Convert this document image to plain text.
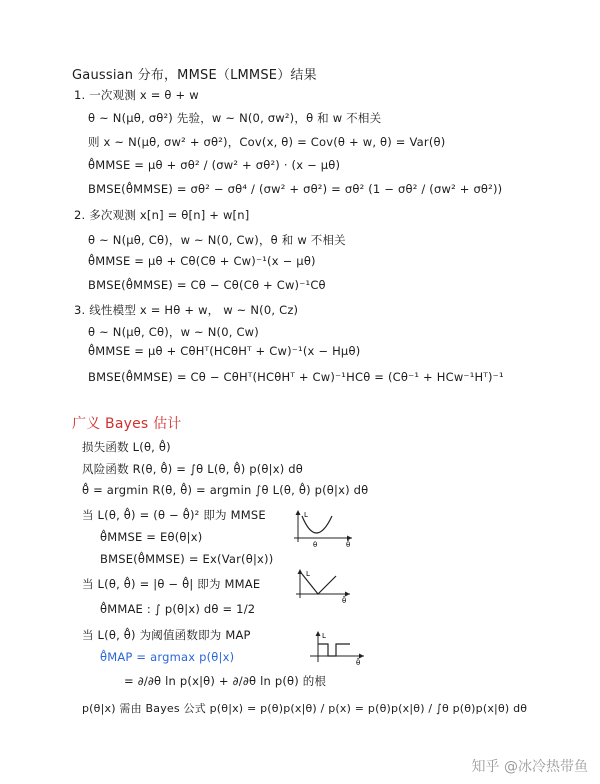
Gaussian 分布，MMSE（LMMSE）结果
1. 一次观测 x = θ + w
θ ~ N(μθ, σθ²) 先验，w ~ N(0, σw²)，θ 和 w 不相关
则 x ~ N(μθ, σw² + σθ²)，Cov(x, θ) = Cov(θ + w, θ) = Var(θ)
θ̂MMSE = μθ + σθ² / (σw² + σθ²) · (x − μθ)
BMSE(θ̂MMSE) = σθ² − σθ⁴ / (σw² + σθ²) = σθ² (1 − σθ² / (σw² + σθ²))
2. 多次观测 x[n] = θ[n] + w[n]
θ ~ N(μθ, Cθ)，w ~ N(0, Cw)，θ 和 w 不相关
θ̂MMSE = μθ + Cθ(Cθ + Cw)⁻¹(x − μθ)
BMSE(θ̂MMSE) = Cθ − Cθ(Cθ + Cw)⁻¹Cθ
3. 线性模型 x = Hθ + w， w ~ N(0, Cz)
θ ~ N(μθ, Cθ)，w ~ N(0, Cw)
θ̂MMSE = μθ + CθHᵀ(HCθHᵀ + Cw)⁻¹(x − Hμθ)
BMSE(θ̂MMSE) = Cθ − CθHᵀ(HCθHᵀ + Cw)⁻¹HCθ = (Cθ⁻¹ + HCw⁻¹Hᵀ)⁻¹
广义 Bayes 估计
损失函数 L(θ, θ̂)
风险函数 R(θ, θ̂) = ∫θ L(θ, θ̂) p(θ|x) dθ
θ̂ = argmin R(θ, θ̂) = argmin ∫θ L(θ, θ̂) p(θ|x) dθ
当 L(θ, θ̂) = (θ − θ̂)² 即为 MMSE
θ̂MMSE = Eθ(θ|x)
BMSE(θ̂MMSE) = Ex(Var(θ|x))
当 L(θ, θ̂) = |θ − θ̂| 即为 MMAE
θ̂MMAE : ∫ p(θ|x) dθ = 1/2
当 L(θ, θ̂) 为阈值函数即为 MAP
θ̂MAP = argmax p(θ|x)
= ∂/∂θ ln p(x|θ) + ∂/∂θ ln p(θ) 的根
p(θ|x) 需由 Bayes 公式 p(θ|x) = p(θ)p(x|θ) / p(x) = p(θ)p(x|θ) / ∫θ p(θ)p(x|θ) dθ
L
θ	θ̂
L
θ̂
L
θ̂
知乎 @冰冷热带鱼
